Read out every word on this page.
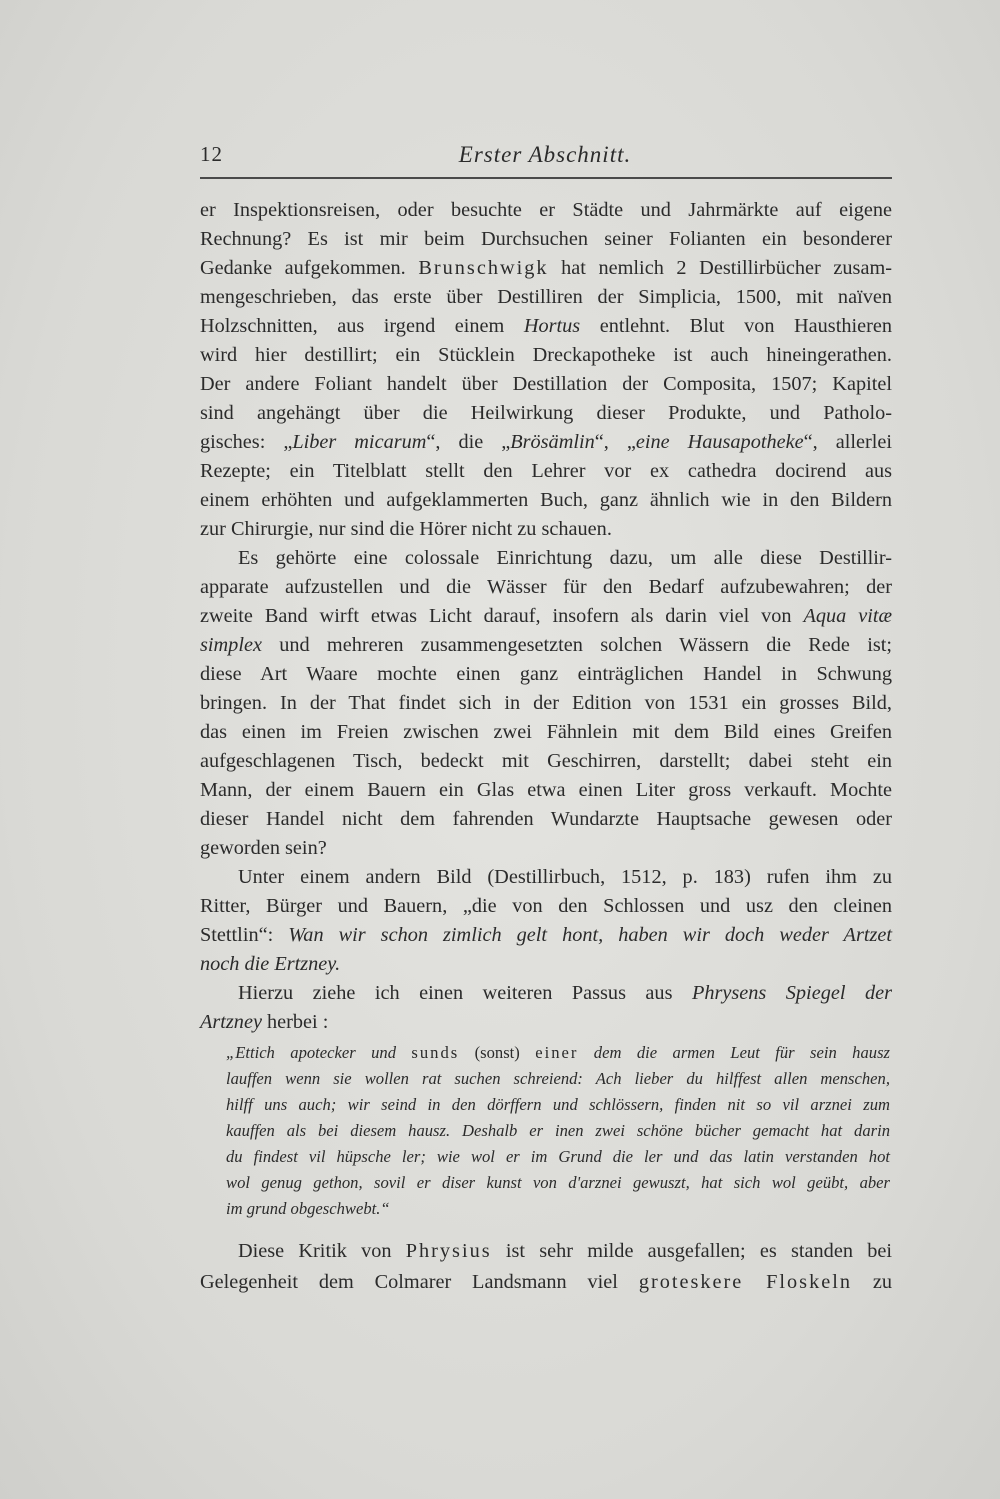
12	Erster Abschnitt.
er Inspektionsreisen, oder besuchte er Städte und Jahrmärkte auf eigene
Rechnung? Es ist mir beim Durchsuchen seiner Folianten ein besonderer
Gedanke aufgekommen. Brunschwigk hat nemlich 2 Destillirbücher zusam-
mengeschrieben, das erste über Destilliren der Simplicia, 1500, mit naïven
Holzschnitten, aus irgend einem Hortus entlehnt. Blut von Hausthieren
wird hier destillirt; ein Stücklein Dreckapotheke ist auch hineingerathen.
Der andere Foliant handelt über Destillation der Composita, 1507; Kapitel
sind angehängt über die Heilwirkung dieser Produkte, und Patholo-
gisches: „Liber micarum“, die „Brösämlin“, „eine Hausapotheke“, allerlei
Rezepte; ein Titelblatt stellt den Lehrer vor ex cathedra docirend aus
einem erhöhten und aufgeklammerten Buch, ganz ähnlich wie in den Bildern
zur Chirurgie, nur sind die Hörer nicht zu schauen.
Es gehörte eine colossale Einrichtung dazu, um alle diese Destillir-
apparate aufzustellen und die Wässer für den Bedarf aufzubewahren; der
zweite Band wirft etwas Licht darauf, insofern als darin viel von Aqua vitæ
simplex und mehreren zusammengesetzten solchen Wässern die Rede ist;
diese Art Waare mochte einen ganz einträglichen Handel in Schwung
bringen. In der That findet sich in der Edition von 1531 ein grosses Bild,
das einen im Freien zwischen zwei Fähnlein mit dem Bild eines Greifen
aufgeschlagenen Tisch, bedeckt mit Geschirren, darstellt; dabei steht ein
Mann, der einem Bauern ein Glas etwa einen Liter gross verkauft. Mochte
dieser Handel nicht dem fahrenden Wundarzte Hauptsache gewesen oder
geworden sein?
Unter einem andern Bild (Destillirbuch, 1512, p. 183) rufen ihm zu
Ritter, Bürger und Bauern, „die von den Schlossen und usz den cleinen
Stettlin“: Wan wir schon zimlich gelt hont, haben wir doch weder Artzet
noch die Ertzney.
Hierzu ziehe ich einen weiteren Passus aus Phrysens Spiegel der
Artzney herbei :
„Ettich apotecker und sunds (sonst) einer dem die armen Leut für sein hausz
lauffen wenn sie wollen rat suchen schreiend: Ach lieber du hilffest allen menschen,
hilff uns auch; wir seind in den dörffern und schlössern, finden nit so vil arznei zum
kauffen als bei diesem hausz. Deshalb er inen zwei schöne bücher gemacht hat darin
du findest vil hüpsche ler; wie wol er im Grund die ler und das latin verstanden hot
wol genug gethon, sovil er diser kunst von d'arznei gewuszt, hat sich wol geübt, aber
im grund obgeschwebt.“
Diese Kritik von Phrysius ist sehr milde ausgefallen; es standen bei
Gelegenheit dem Colmarer Landsmann viel groteskere Floskeln zu
